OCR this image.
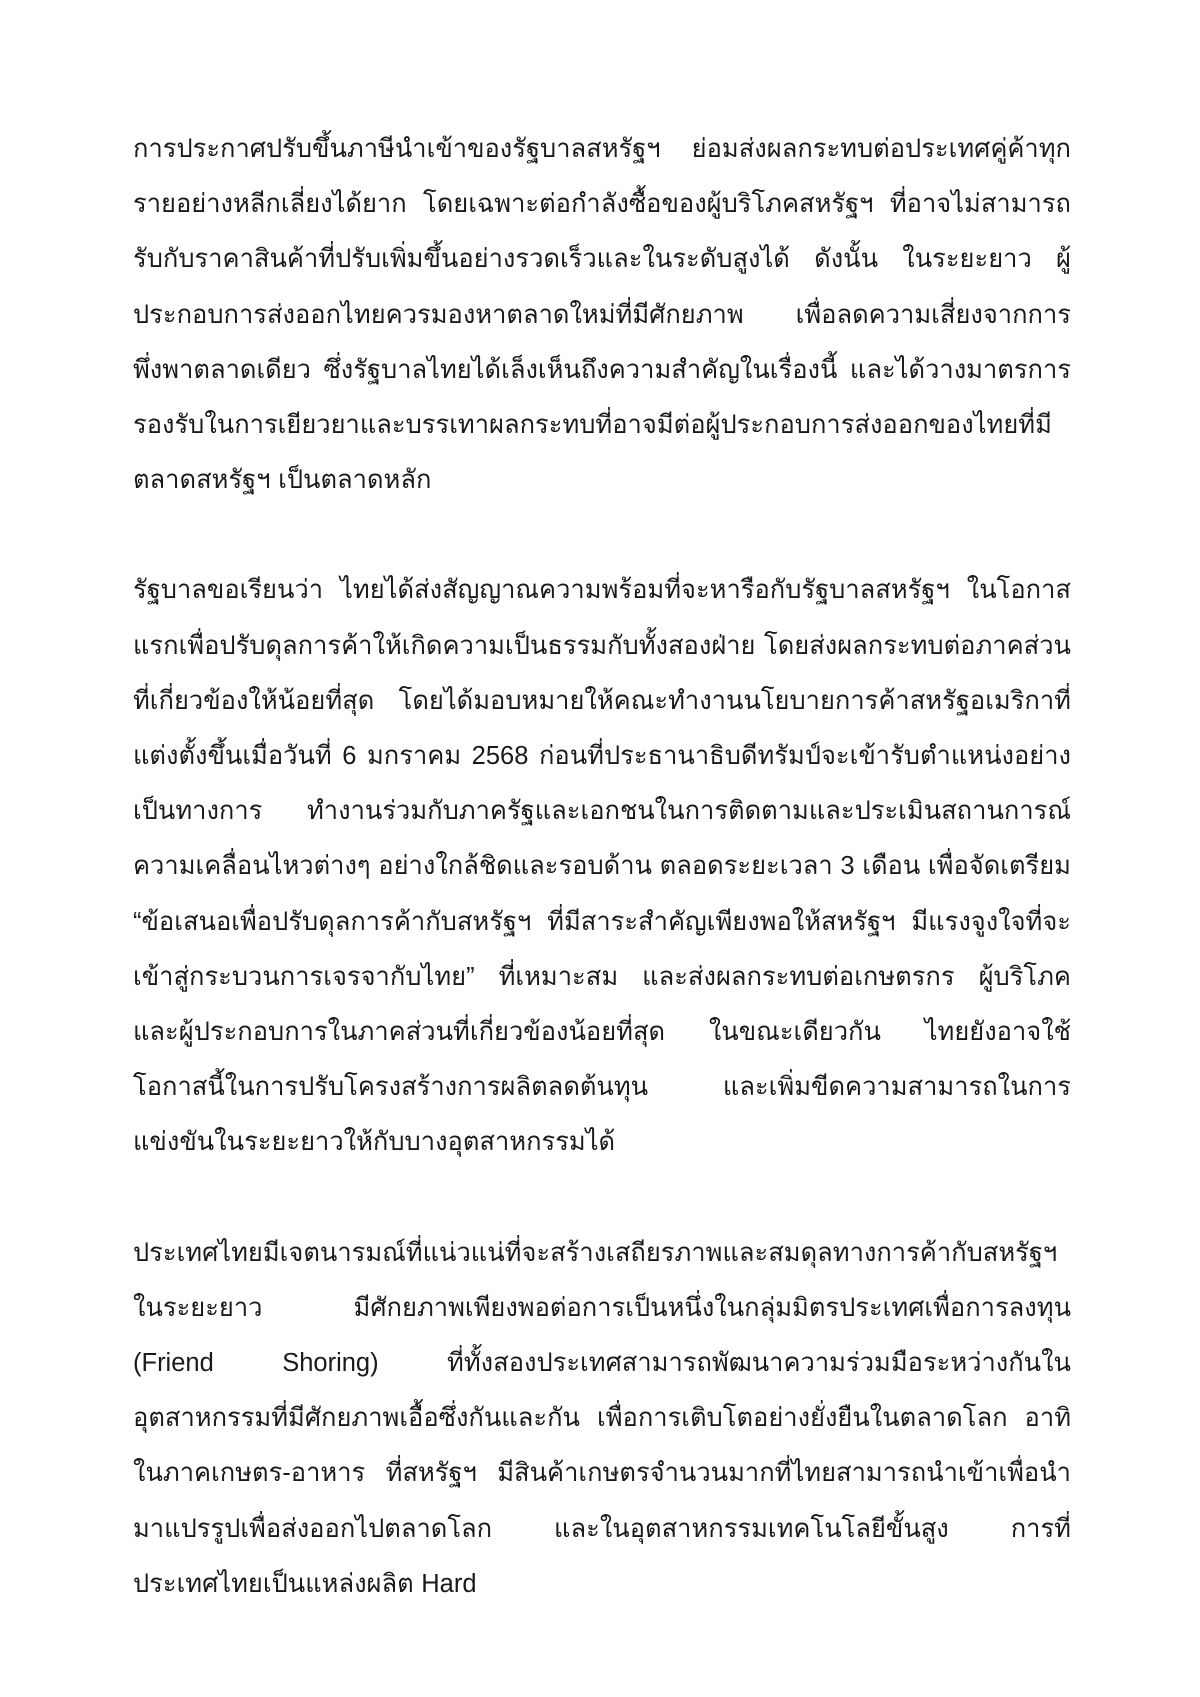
การประกาศปรับขึ้นภาษีนำเข้าของรัฐบาลสหรัฐฯ ย่อมส่งผลกระทบต่อประเทศคู่ค้าทุกรายอย่างหลีกเลี่ยงได้ยาก โดยเฉพาะต่อกำลังซื้อของผู้บริโภคสหรัฐฯ ที่อาจไม่สามารถรับกับราคาสินค้าที่ปรับเพิ่มขึ้นอย่างรวดเร็วและในระดับสูงได้ ดังนั้น ในระยะยาว ผู้ประกอบการส่งออกไทยควรมองหาตลาดใหม่ที่มีศักยภาพ เพื่อลดความเสี่ยงจากการพึ่งพาตลาดเดียว ซึ่งรัฐบาลไทยได้เล็งเห็นถึงความสำคัญในเรื่องนี้ และได้วางมาตรการรองรับในการเยียวยาและบรรเทาผลกระทบที่อาจมีต่อผู้ประกอบการส่งออกของไทยที่มีตลาดสหรัฐฯ เป็นตลาดหลัก

รัฐบาลขอเรียนว่า ไทยได้ส่งสัญญาณความพร้อมที่จะหารือกับรัฐบาลสหรัฐฯ ในโอกาสแรกเพื่อปรับดุลการค้าให้เกิดความเป็นธรรมกับทั้งสองฝ่าย โดยส่งผลกระทบต่อภาคส่วนที่เกี่ยวข้องให้น้อยที่สุด โดยได้มอบหมายให้คณะทำงานนโยบายการค้าสหรัฐอเมริกาที่แต่งตั้งขึ้นเมื่อวันที่ 6 มกราคม 2568 ก่อนที่ประธานาธิบดีทรัมป์จะเข้ารับตำแหน่งอย่างเป็นทางการ ทำงานร่วมกับภาครัฐและเอกชนในการติดตามและประเมินสถานการณ์ความเคลื่อนไหวต่างๆ อย่างใกล้ชิดและรอบด้าน ตลอดระยะเวลา 3 เดือน เพื่อจัดเตรียม “ข้อเสนอเพื่อปรับดุลการค้ากับสหรัฐฯ ที่มีสาระสำคัญเพียงพอให้สหรัฐฯ มีแรงจูงใจที่จะเข้าสู่กระบวนการเจรจากับไทย” ที่เหมาะสม และส่งผลกระทบต่อเกษตรกร ผู้บริโภค และผู้ประกอบการในภาคส่วนที่เกี่ยวข้องน้อยที่สุด ในขณะเดียวกัน ไทยยังอาจใช้โอกาสนี้ในการปรับโครงสร้างการผลิตลดต้นทุน และเพิ่มขีดความสามารถในการแข่งขันในระยะยาวให้กับบางอุตสาหกรรมได้

ประเทศไทยมีเจตนารมณ์ที่แน่วแน่ที่จะสร้างเสถียรภาพและสมดุลทางการค้ากับสหรัฐฯ ในระยะยาว มีศักยภาพเพียงพอต่อการเป็นหนึ่งในกลุ่มมิตรประเทศเพื่อการลงทุน (Friend Shoring) ที่ทั้งสองประเทศสามารถพัฒนาความร่วมมือระหว่างกันในอุตสาหกรรมที่มีศักยภาพเอื้อซึ่งกันและกัน เพื่อการเติบโตอย่างยั่งยืนในตลาดโลก อาทิ ในภาคเกษตร-อาหาร ที่สหรัฐฯ มีสินค้าเกษตรจำนวนมากที่ไทยสามารถนำเข้าเพื่อนำมาแปรรูปเพื่อส่งออกไปตลาดโลก และในอุตสาหกรรมเทคโนโลยีขั้นสูง การที่ประเทศไทยเป็นแหล่งผลิต Hard
